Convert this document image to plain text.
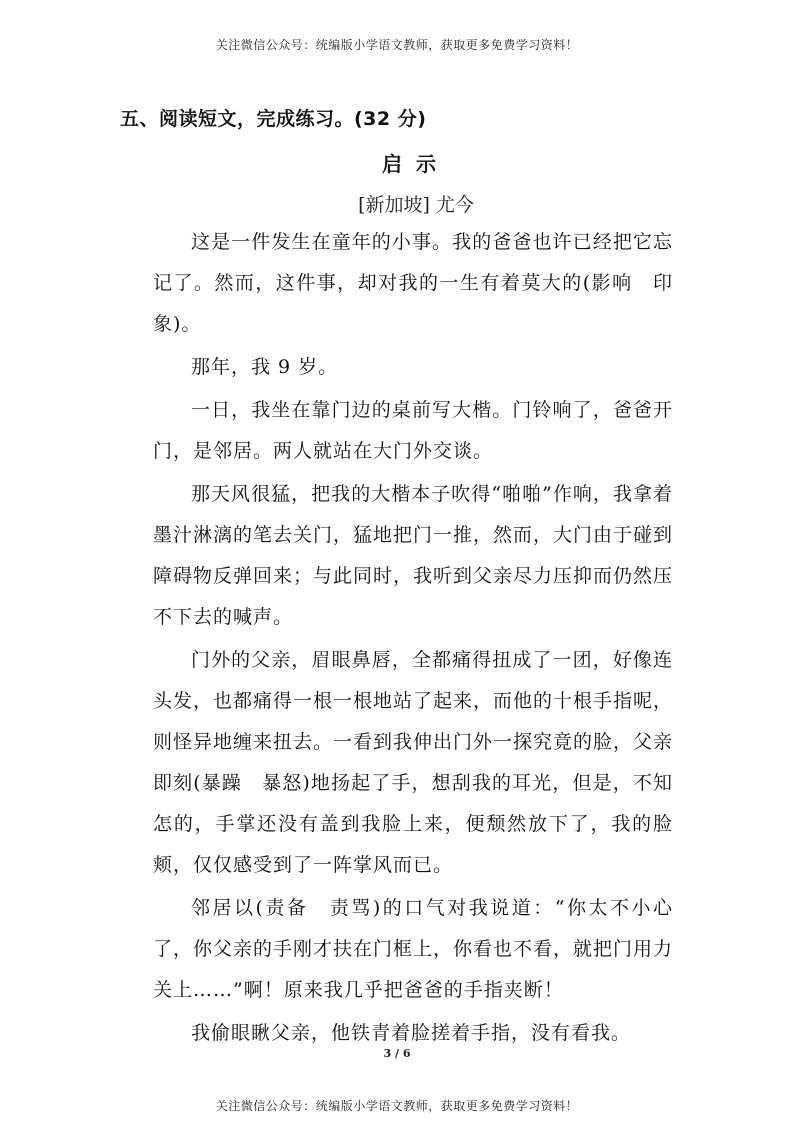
关注微信公众号：统编版小学语文教师，获取更多免费学习资料！
五、阅读短文，完成练习。(32 分)
启示
[新加坡] 尤今

这是一件发生在童年的小事。我的爸爸也许已经把它忘记了。然而，这件事，却对我的一生有着莫大的(影响　印象)。

那年，我 9 岁。

一日，我坐在靠门边的桌前写大楷。门铃响了，爸爸开门，是邻居。两人就站在大门外交谈。

那天风很猛，把我的大楷本子吹得“啪啪”作响，我拿着墨汁淋漓的笔去关门，猛地把门一推，然而，大门由于碰到障碍物反弹回来；与此同时，我听到父亲尽力压抑而仍然压不下去的喊声。

门外的父亲，眉眼鼻唇，全都痛得扭成了一团，好像连头发，也都痛得一根一根地站了起来，而他的十根手指呢，则怪异地缠来扭去。一看到我伸出门外一探究竟的脸，父亲即刻(暴躁　暴怒)地扬起了手，想刮我的耳光，但是，不知怎的，手掌还没有盖到我脸上来，便颓然放下了，我的脸颊，仅仅感受到了一阵掌风而已。

邻居以(责备　责骂)的口气对我说道：“你太不小心了，你父亲的手刚才扶在门框上，你看也不看，就把门用力关上……”啊！原来我几乎把爸爸的手指夹断！

我偷眼瞅父亲，他铁青着脸搓着手指，没有看我。

3 / 6
关注微信公众号：统编版小学语文教师，获取更多免费学习资料！
